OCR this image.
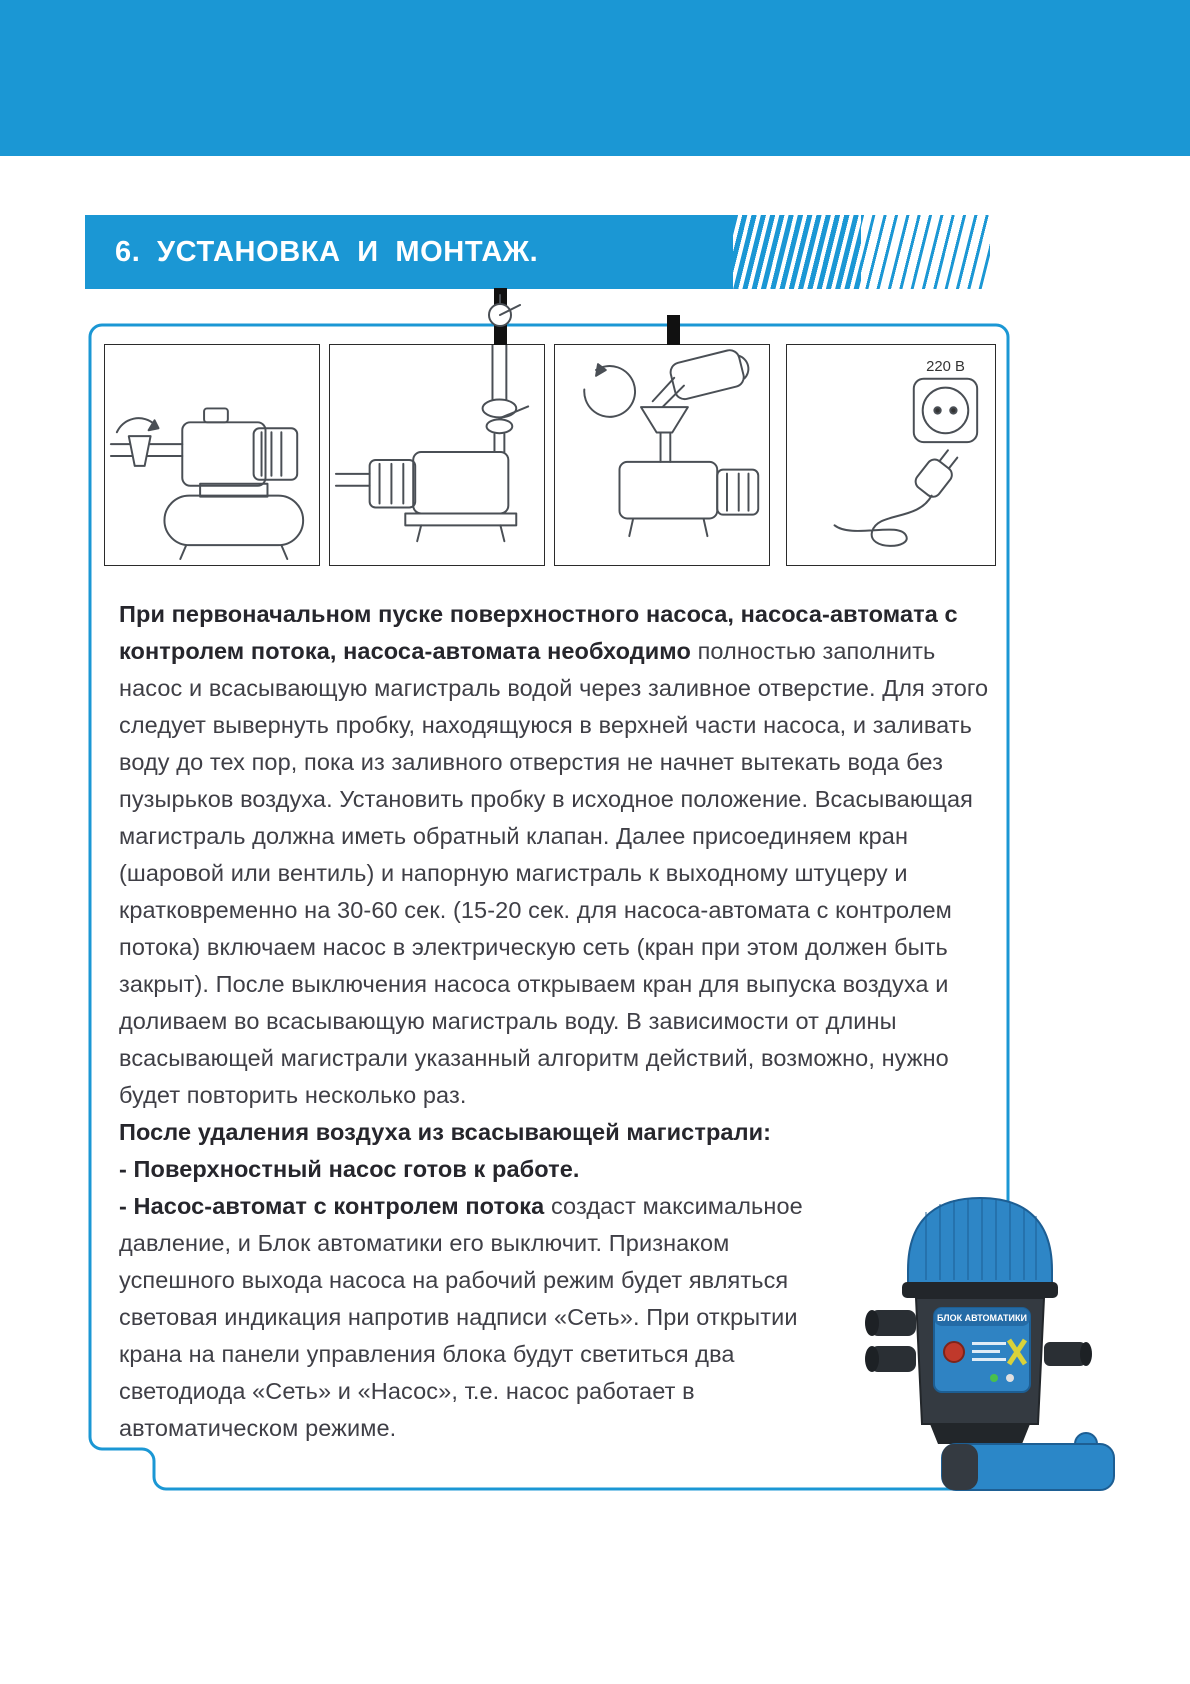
6. УСТАНОВКА И МОНТАЖ.
220 В

При первоначальном пуске поверхностного насоса, насоса-автомата с контролем потока, насоса-автомата необходимо полностью заполнить насос и всасывающую магистраль водой через заливное отверстие. Для этого следует вывернуть пробку, находящуюся в верхней части насоса, и заливать воду до тех пор, пока из заливного отверстия не начнет вытекать вода без пузырьков воздуха. Установить пробку в исходное положение. Всасывающая магистраль должна иметь обратный клапан. Далее присоединяем кран (шаровой или вентиль) и напорную магистраль к выходному штуцеру и кратковременно на 30-60 сек. (15-20 сек. для насоса-автомата с контролем потока) включаем насос в электрическую сеть (кран при этом должен быть закрыт). После выключения насоса открываем кран для выпуска воздуха и доливаем во всасывающую магистраль воду. В зависимости от длины всасывающей магистрали указанный алгоритм действий, возможно, нужно будет повторить несколько раз.

После удаления воздуха из всасывающей магистрали:

- Поверхностный насос готов к работе.

- Насос-автомат с контролем потока создаст максимальное давление, и Блок автоматики его выключит. Признаком успешного выхода насоса на рабочий режим будет являться световая индикация напротив надписи «Сеть». При открытии крана на панели управления блока будут светиться два светодиода «Сеть» и «Насос», т.е. насос работает в автоматическом режиме.

БЛОК АВТОМАТИКИ
